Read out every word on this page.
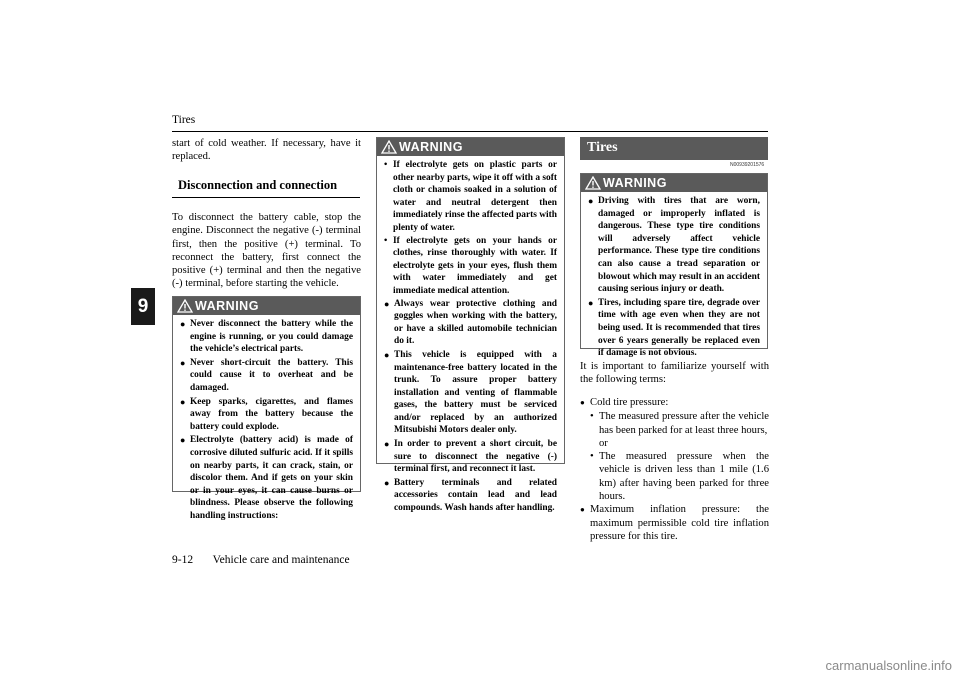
Tires
9

start of cold weather. If necessary, have it replaced.

Disconnection and connection

To disconnect the battery cable, stop the engine. Disconnect the negative (-) terminal first, then the positive (+) terminal. To reconnect the battery, first connect the positive (+) terminal and then the negative (-) terminal, before starting the vehicle.

WARNING
● Never disconnect the battery while the engine is running, or you could damage the vehicle’s electrical parts.
● Never short-circuit the battery. This could cause it to overheat and be damaged.
● Keep sparks, cigarettes, and flames away from the battery because the battery could explode.
● Electrolyte (battery acid) is made of corrosive diluted sulfuric acid. If it spills on nearby parts, it can crack, stain, or discolor them. And if gets on your skin or in your eyes, it can cause burns or blindness. Please observe the following handling instructions:
WARNING
• If electrolyte gets on plastic parts or other nearby parts, wipe it off with a soft cloth or chamois soaked in a solution of water and neutral detergent then immediately rinse the affected parts with plenty of water.
• If electrolyte gets on your hands or clothes, rinse thoroughly with water. If electrolyte gets in your eyes, flush them with water immediately and get immediate medical attention.
● Always wear protective clothing and goggles when working with the battery, or have a skilled automobile technician do it.
● This vehicle is equipped with a maintenance-free battery located in the trunk. To assure proper battery installation and venting of flammable gases, the battery must be serviced and/or replaced by an authorized Mitsubishi Motors dealer only.
● In order to prevent a short circuit, be sure to disconnect the negative (-) terminal first, and reconnect it last.
● Battery terminals and related accessories contain lead and lead compounds. Wash hands after handling.
Tires
N00939201576
WARNING
● Driving with tires that are worn, damaged or improperly inflated is dangerous. These type tire conditions will adversely affect vehicle performance. These type tire conditions can also cause a tread separation or blowout which may result in an accident causing serious injury or death.
● Tires, including spare tire, degrade over time with age even when they are not being used. It is recommended that tires over 6 years generally be replaced even if damage is not obvious.

It is important to familiarize yourself with the following terms:

● Cold tire pressure:
• The measured pressure after the vehicle has been parked for at least three hours,
or
• The measured pressure when the vehicle is driven less than 1 mile (1.6 km) after having been parked for three hours.
● Maximum inflation pressure: the maximum permissible cold tire inflation pressure for this tire.
9-12 Vehicle care and maintenance
carmanualsonline.info
